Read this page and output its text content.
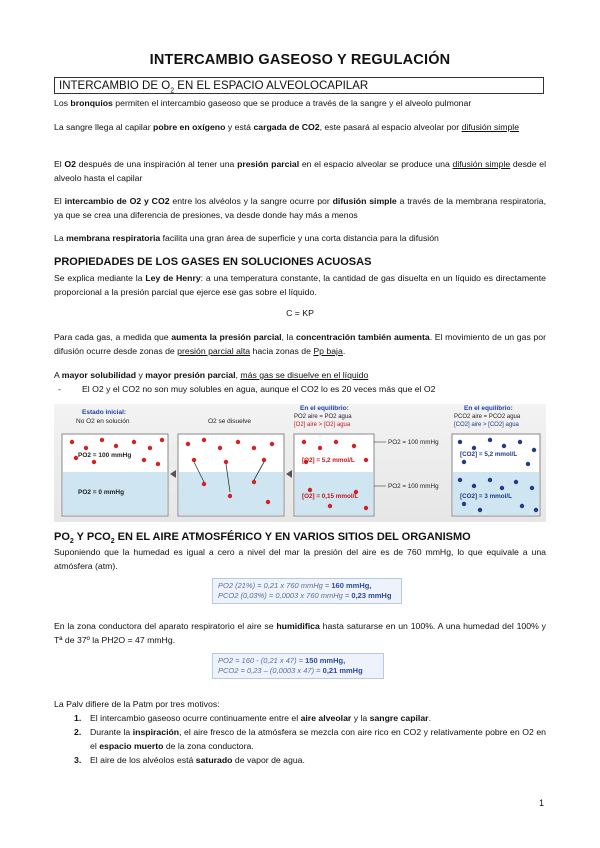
INTERCAMBIO GASEOSO Y REGULACIÓN
INTERCAMBIO DE $O_2$ EN EL ESPACIO ALVEOLOCAPILAR
Los bronquios permiten el intercambio gaseoso que se produce a través de la sangre y el alveolo pulmonar
La sangre llega al capilar pobre en oxígeno y está cargada de CO2, este pasará al espacio alveolar por difusión simple
El O2 después de una inspiración al tener una presión parcial en el espacio alveolar se produce una difusión simple desde el alveolo hasta el capilar
El intercambio de O2 y CO2 entre los alvéolos y la sangre ocurre por difusión simple a través de la membrana respiratoria, ya que se crea una diferencia de presiones, va desde donde hay más a menos
La membrana respiratoria facilita una gran área de superficie y una corta distancia para la difusión
PROPIEDADES DE LOS GASES EN SOLUCIONES ACUOSAS
Se explica mediante la Ley de Henry: a una temperatura constante, la cantidad de gas disuelta en un líquido es directamente proporcional a la presión parcial que ejerce ese gas sobre el líquido.
C = KP
Para cada gas, a medida que aumenta la presión parcial, la concentración también aumenta. El movimiento de un gas por difusión ocurre desde zonas de presión parcial alta hacia zonas de Pp baja.
A mayor solubilidad y mayor presión parcial, más gas se disuelve en el líquido
- El O2 y el CO2 no son muy solubles en agua, aunque el CO2 lo es 20 veces más que el O2
Estado inicial:
No O2 en solución
PO2 = 100 mmHg
PO2 = 0 mmHg
O2 se disuelve
En el equilibrio:
PO2 aire = PO2 agua
[O2] aire > [O2] agua
[O2] = 5,2 mmol/L
[O2] = 0,15 mmol/L
PO2 = 100 mmHg
PO2 = 100 mmHg
En el equilibrio:
PCO2 aire = PCO2 agua
[CO2] aire > [CO2] agua
[CO2] = 5,2 mmol/L
[CO2] = 3 mmol/L
$PO_2$ Y $PCO_2$ EN EL AIRE ATMOSFÉRICO Y EN VARIOS SITIOS DEL ORGANISMO
Suponiendo que la humedad es igual a cero a nivel del mar la presión del aire es de 760 mmHg, lo que equivale a una atmósfera (atm).
PO2 (21%) = 0,21 x 760 mmHg = 160 mmHg,
PCO2 (0,03%) = 0,0003 x 760 mmHg = 0,23 mmHg
En la zona conductora del aparato respiratorio el aire se humidifica hasta saturarse en un 100%. A una humedad del 100% y Tª de 37º la PH2O = 47 mmHg.
PO2 = 160 - (0,21 x 47) = 150 mmHg,
PCO2 = 0,23 – (0,0003 x 47) = 0,21 mmHg
La Palv difiere de la Patm por tres motivos:
1. El intercambio gaseoso ocurre continuamente entre el aire alveolar y la sangre capilar.
2. Durante la inspiración, el aire fresco de la atmósfera se mezcla con aire rico en CO2 y relativamente pobre en O2 en el espacio muerto de la zona conductora.
3. El aire de los alvéolos está saturado de vapor de agua.
1
